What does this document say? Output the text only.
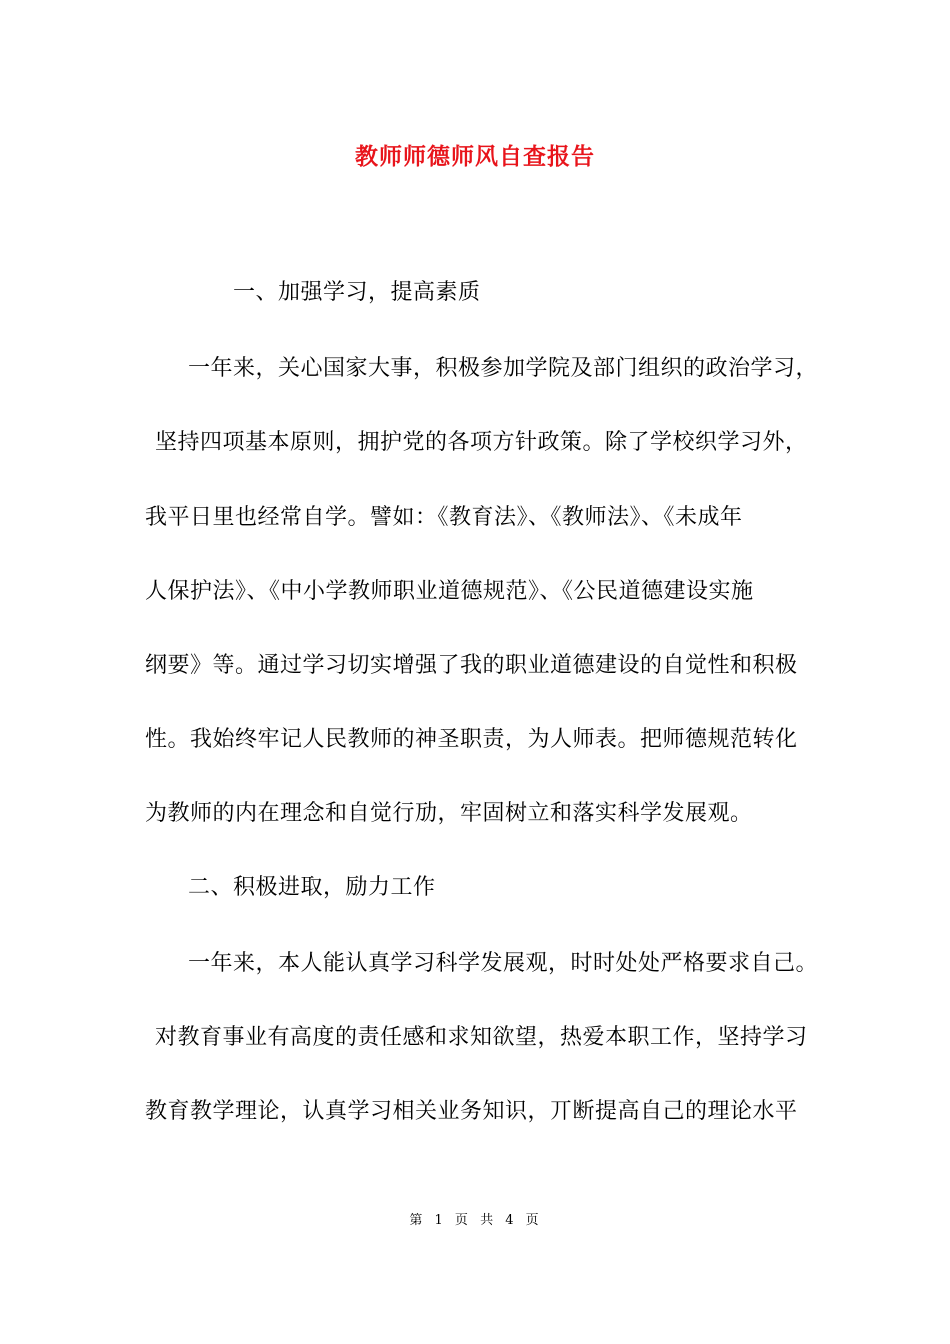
教师师德师风自查报告
一、加强学习，提高素质
一年来，关心国家大事，积极参加学院及部门组织的政治学习，
坚持四项基本原则，拥护党的各项方针政策。除了学校织学习外，
我平日里也经常自学。譬如：《教育法》、《教师法》、《未成年
人保护法》、《中小学教师职业道德规范》、《公民道德建设实施
纲要》等。通过学习切实增强了我的职业道德建设的自觉性和积极
性。我始终牢记人民教师的神圣职责，为人师表。把师德规范转化
为教师的内在理念和自觉行劢，牢固树立和落实科学发展观。
二、积极进取，励力工作
一年来，本人能认真学习科学发展观，时时处处严格要求自己。
对教育事业有高度的责任感和求知欲望，热爱本职工作，坚持学习
教育教学理论，认真学习相关业务知识，丌断提高自己的理论水平
第 1 页 共 4 页
